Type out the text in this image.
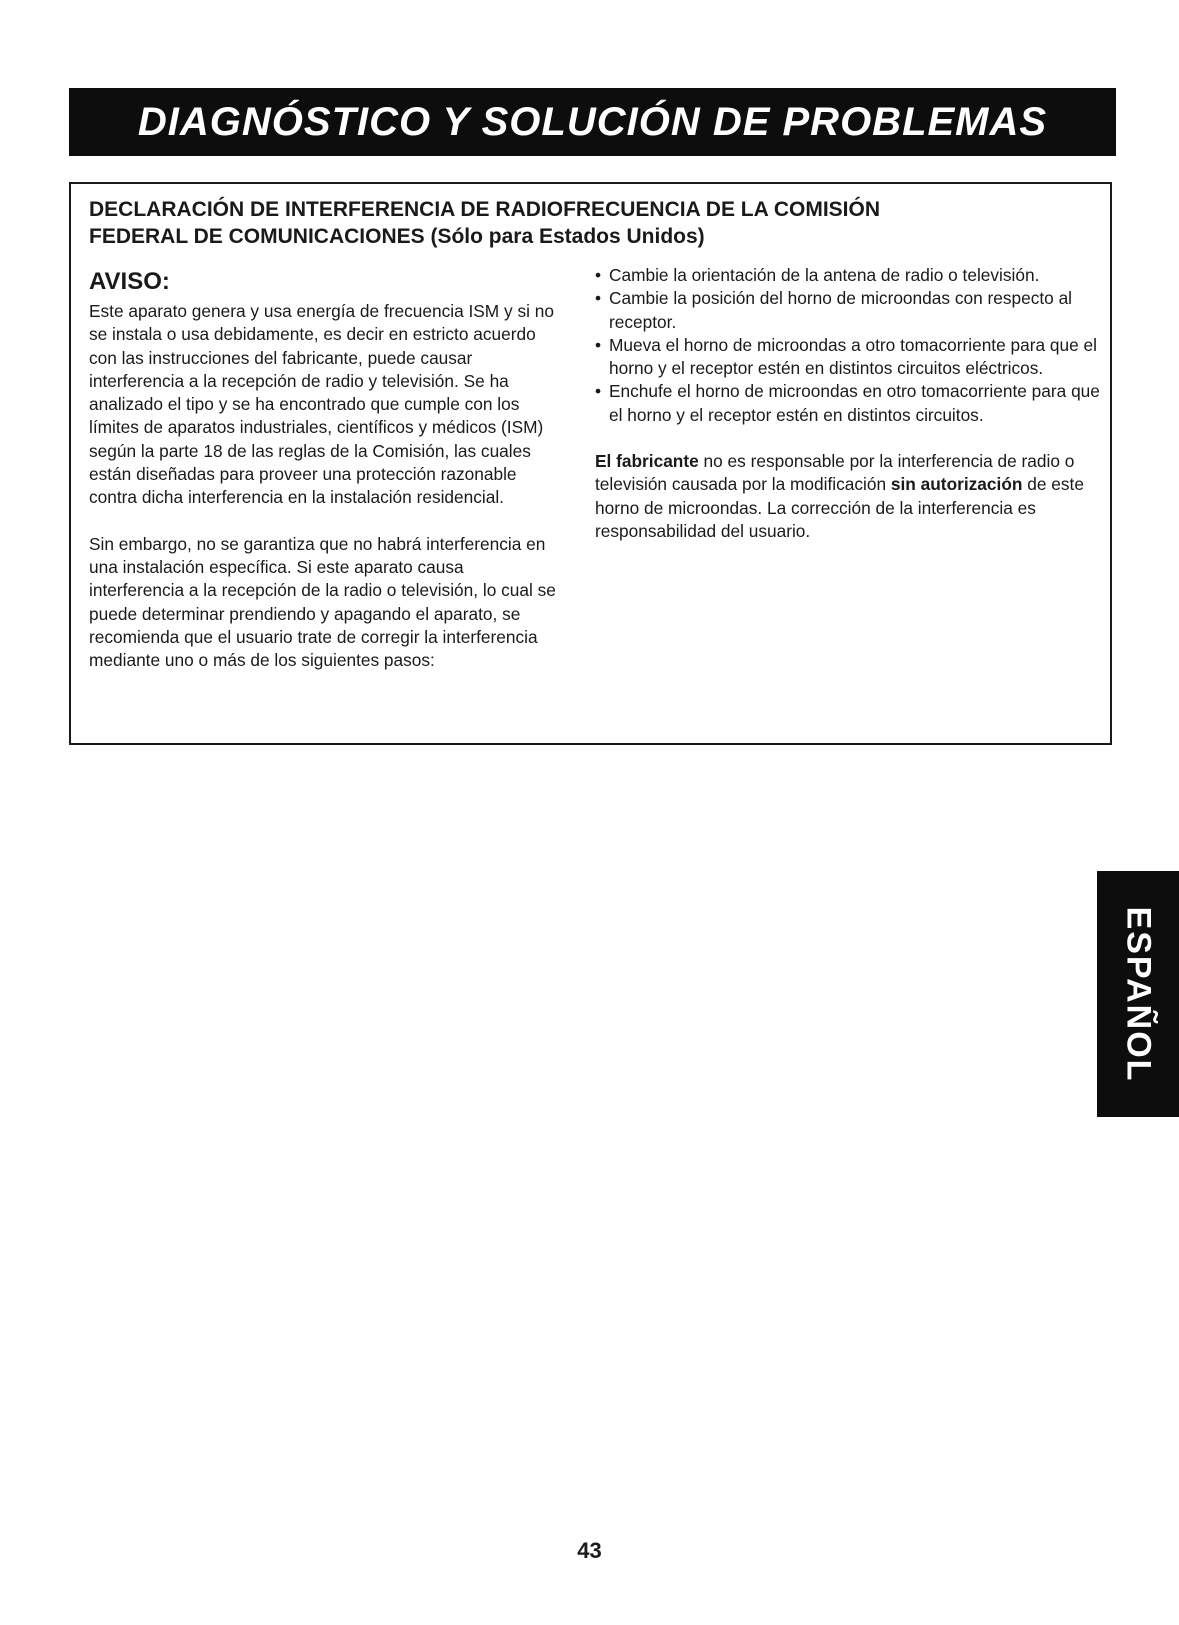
DIAGNÓSTICO Y SOLUCIÓN DE PROBLEMAS
DECLARACIÓN DE INTERFERENCIA DE RADIOFRECUENCIA DE LA COMISIÓN
FEDERAL DE COMUNICACIONES (Sólo para Estados Unidos)
AVISO:

Este aparato genera y usa energía de frecuencia ISM y si no se instala o usa debidamente, es decir en estricto acuerdo con las instrucciones del fabricante, puede causar interferencia a la recepción de radio y televisión. Se ha analizado el tipo y se ha encontrado que cumple con los límites de aparatos industriales, científicos y médicos (ISM) según la parte 18 de las reglas de la Comisión, las cuales están diseñadas para proveer una protección razonable contra dicha interferencia en la instalación residencial.

Sin embargo, no se garantiza que no habrá interferencia en una instalación específica. Si este aparato causa interferencia a la recepción de la radio o televisión, lo cual se puede determinar prendiendo y apagando el aparato, se recomienda que el usuario trate de corregir la interferencia mediante uno o más de los siguientes pasos:

• Cambie la orientación de la antena de radio o televisión.
• Cambie la posición del horno de microondas con respecto al receptor.
• Mueva el horno de microondas a otro tomacorriente para que el horno y el receptor estén en distintos circuitos eléctricos.
• Enchufe el horno de microondas en otro tomacorriente para que el horno y el receptor estén en distintos circuitos.

El fabricante no es responsable por la interferencia de radio o televisión causada por la modificación sin autorización de este horno de microondas. La corrección de la interferencia es responsabilidad del usuario.

ESPAÑOL
43
